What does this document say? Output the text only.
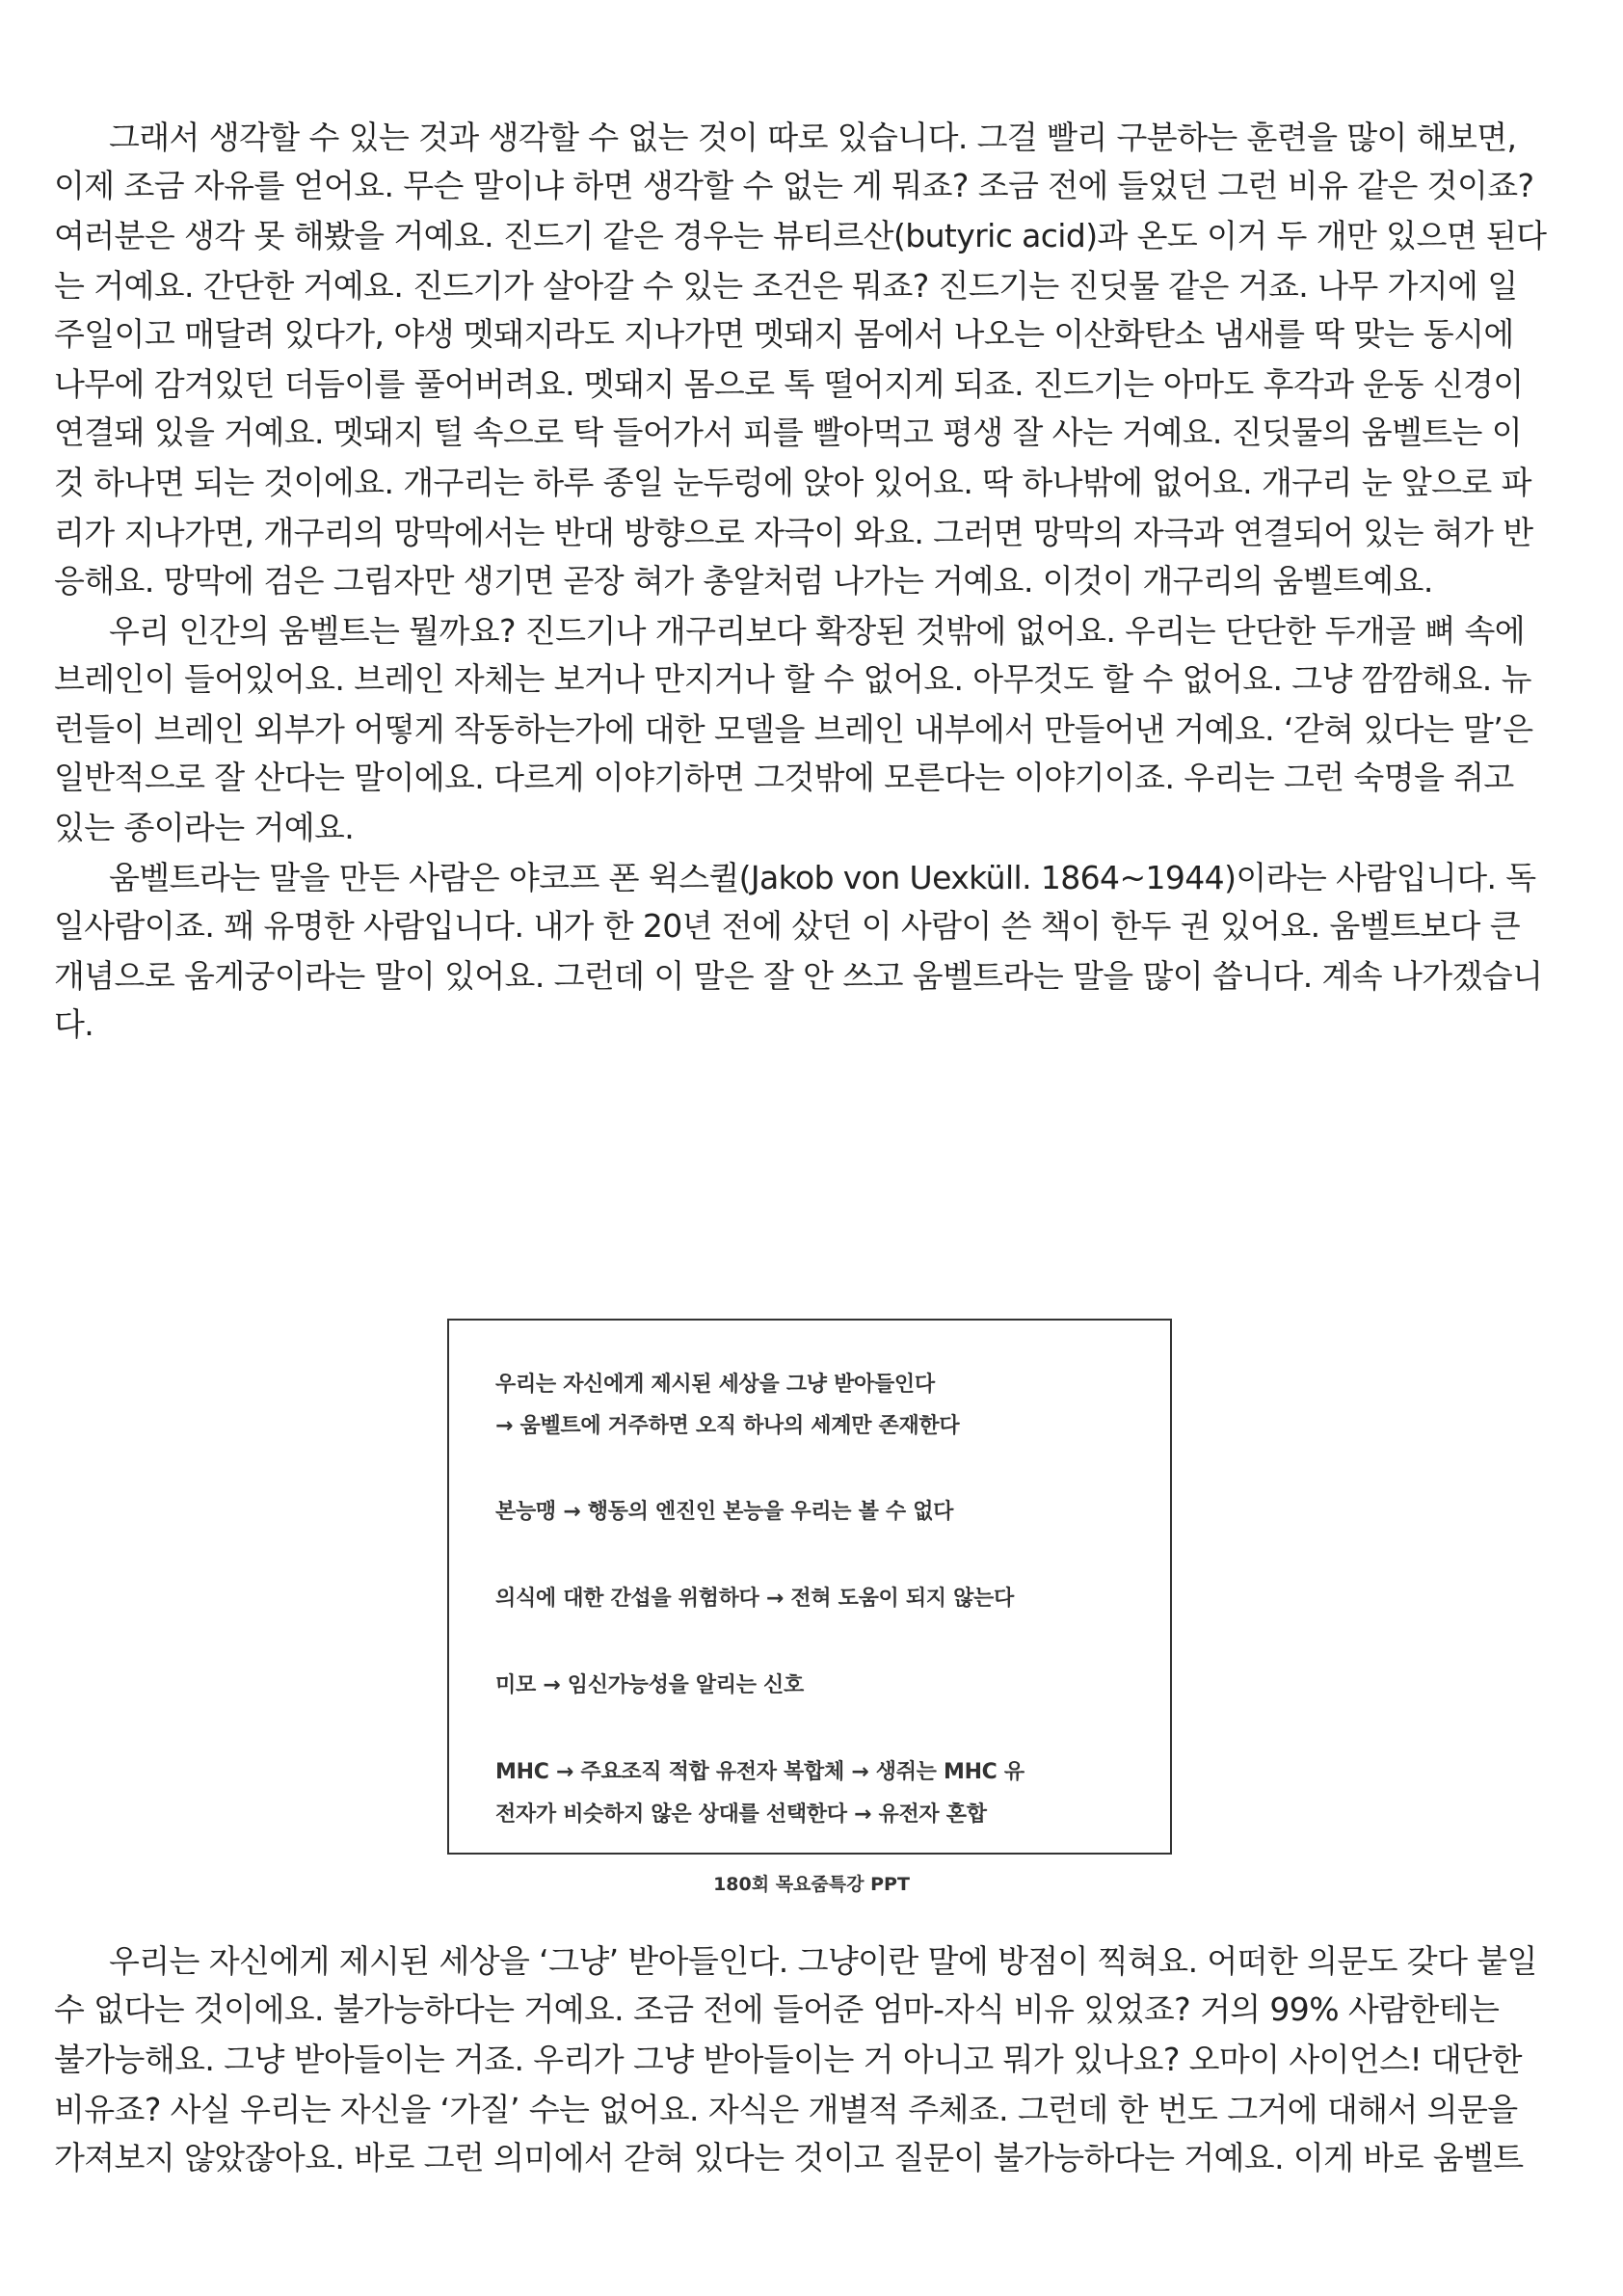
그래서 생각할 수 있는 것과 생각할 수 없는 것이 따로 있습니다. 그걸 빨리 구분하는 훈련을 많이 해보면,
이제 조금 자유를 얻어요. 무슨 말이냐 하면 생각할 수 없는 게 뭐죠? 조금 전에 들었던 그런 비유 같은 것이죠?
여러분은 생각 못 해봤을 거예요. 진드기 같은 경우는 뷰티르산(butyric acid)과 온도 이거 두 개만 있으면 된다
는 거예요. 간단한 거예요. 진드기가 살아갈 수 있는 조건은 뭐죠? 진드기는 진딧물 같은 거죠. 나무 가지에 일
주일이고 매달려 있다가, 야생 멧돼지라도 지나가면 멧돼지 몸에서 나오는 이산화탄소 냄새를 딱 맞는 동시에
나무에 감겨있던 더듬이를 풀어버려요. 멧돼지 몸으로 톡 떨어지게 되죠. 진드기는 아마도 후각과 운동 신경이
연결돼 있을 거예요. 멧돼지 털 속으로 탁 들어가서 피를 빨아먹고 평생 잘 사는 거예요. 진딧물의 움벨트는 이
것 하나면 되는 것이에요. 개구리는 하루 종일 눈두렁에 앉아 있어요. 딱 하나밖에 없어요. 개구리 눈 앞으로 파
리가 지나가면, 개구리의 망막에서는 반대 방향으로 자극이 와요. 그러면 망막의 자극과 연결되어 있는 혀가 반
응해요. 망막에 검은 그림자만 생기면 곧장 혀가 총알처럼 나가는 거예요. 이것이 개구리의 움벨트예요.
우리 인간의 움벨트는 뭘까요? 진드기나 개구리보다 확장된 것밖에 없어요. 우리는 단단한 두개골 뼈 속에
브레인이 들어있어요. 브레인 자체는 보거나 만지거나 할 수 없어요. 아무것도 할 수 없어요. 그냥 깜깜해요. 뉴
런들이 브레인 외부가 어떻게 작동하는가에 대한 모델을 브레인 내부에서 만들어낸 거예요. ‘갇혀 있다는 말’은
일반적으로 잘 산다는 말이에요. 다르게 이야기하면 그것밖에 모른다는 이야기이죠. 우리는 그런 숙명을 쥐고
있는 종이라는 거예요.
움벨트라는 말을 만든 사람은 야코프 폰 윅스퀼(Jakob von Uexküll. 1864~1944)이라는 사람입니다. 독
일사람이죠. 꽤 유명한 사람입니다. 내가 한 20년 전에 샀던 이 사람이 쓴 책이 한두 권 있어요. 움벨트보다 큰
개념으로 움게궁이라는 말이 있어요. 그런데 이 말은 잘 안 쓰고 움벨트라는 말을 많이 씁니다. 계속 나가겠습니
다.
우리는 자신에게 제시된 세상을 그냥 받아들인다
→ 움벨트에 거주하면 오직 하나의 세계만 존재한다
본능맹 → 행동의 엔진인 본능을 우리는 볼 수 없다
의식에 대한 간섭을 위험하다 → 전혀 도움이 되지 않는다
미모 → 임신가능성을 알리는 신호
MHC → 주요조직 적합 유전자 복합체 → 생쥐는 MHC 유
전자가 비슷하지 않은 상대를 선택한다 → 유전자 혼합
180회 목요줌특강 PPT
우리는 자신에게 제시된 세상을 ‘그냥’ 받아들인다. 그냥이란 말에 방점이 찍혀요. 어떠한 의문도 갖다 붙일
수 없다는 것이에요. 불가능하다는 거예요. 조금 전에 들어준 엄마-자식 비유 있었죠? 거의 99% 사람한테는
불가능해요. 그냥 받아들이는 거죠. 우리가 그냥 받아들이는 거 아니고 뭐가 있나요? 오마이 사이언스! 대단한
비유죠? 사실 우리는 자신을 ‘가질’ 수는 없어요. 자식은 개별적 주체죠. 그런데 한 번도 그거에 대해서 의문을
가져보지 않았잖아요. 바로 그런 의미에서 갇혀 있다는 것이고 질문이 불가능하다는 거예요. 이게 바로 움벨트
